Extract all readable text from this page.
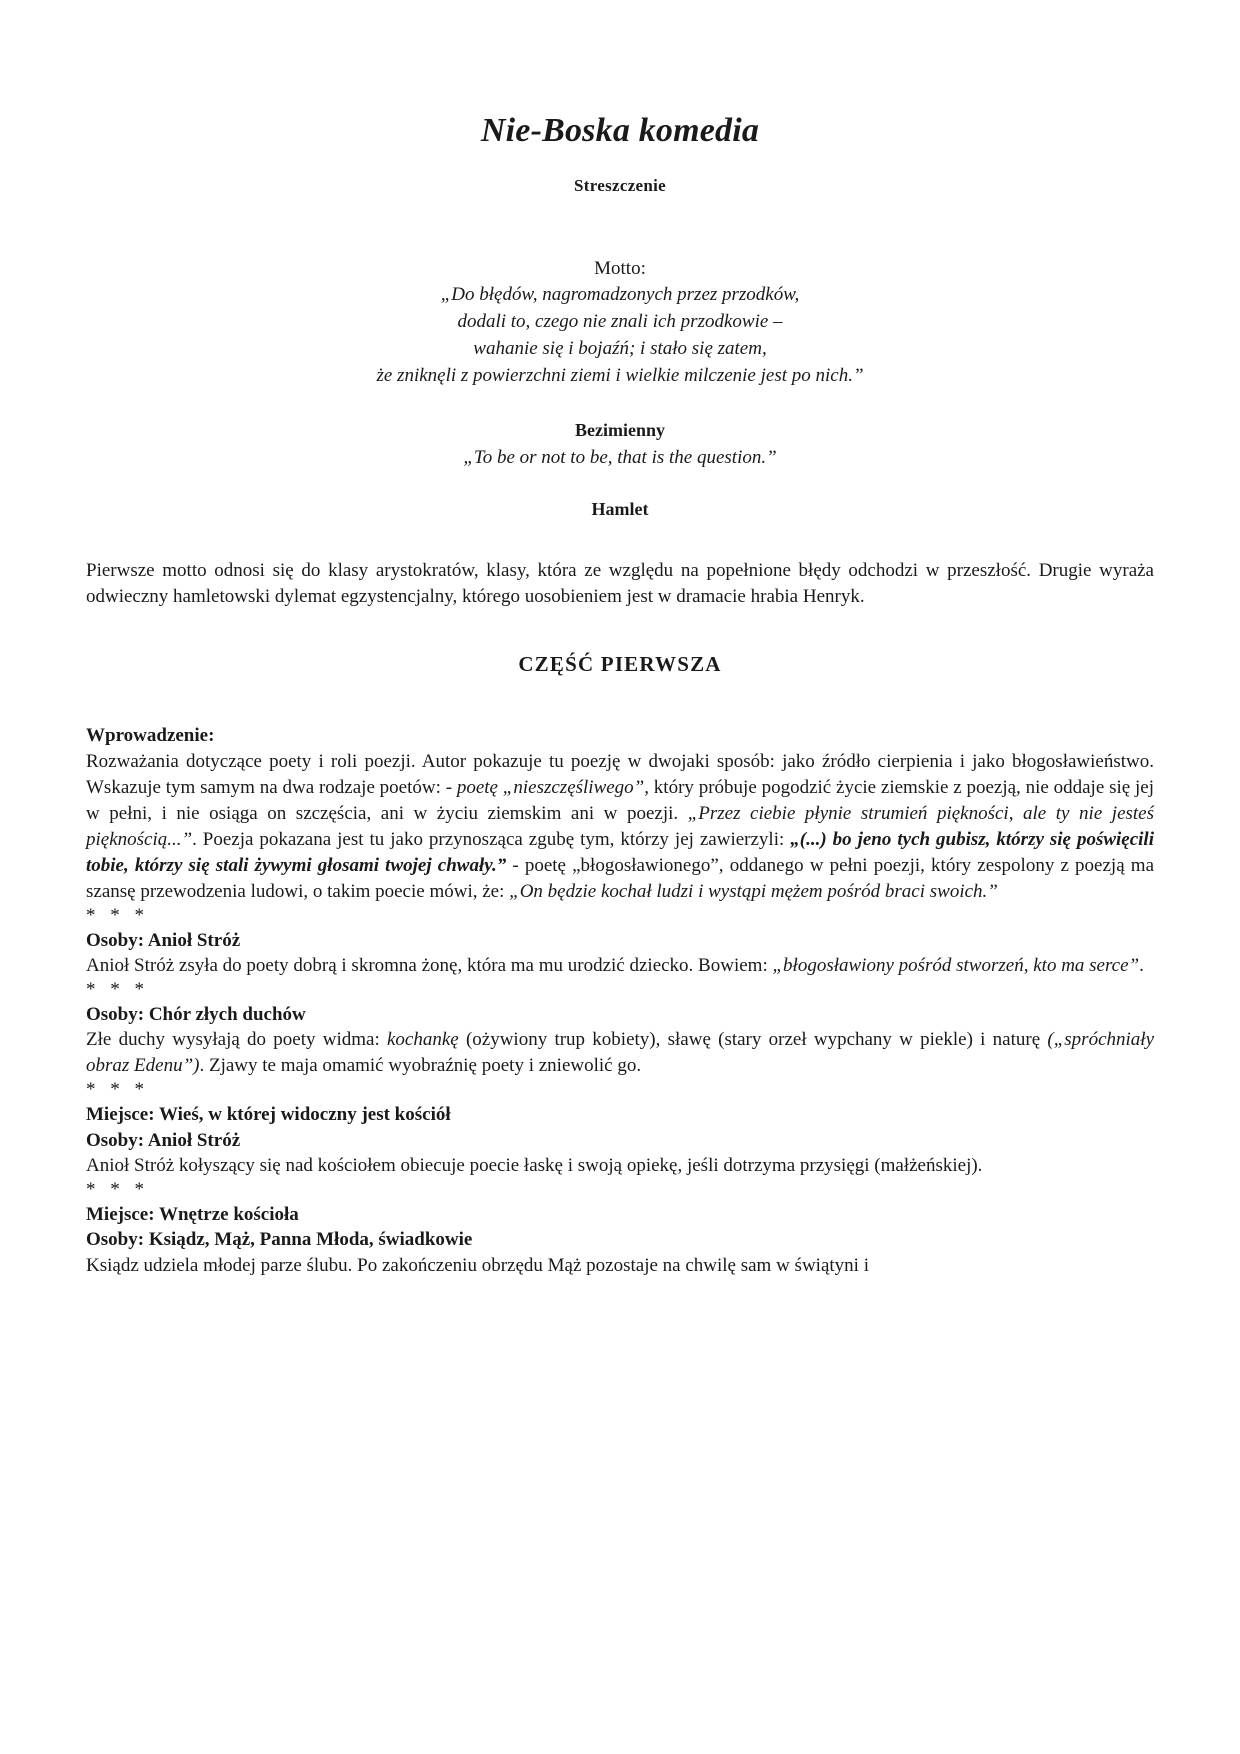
Nie-Boska komedia
Streszczenie
Motto:
„Do błędów, nagromadzonych przez przodków,
dodali to, czego nie znali ich przodkowie –
wahanie się i bojaźń; i stało się zatem,
że zniknęli z powierzchni ziemi i wielkie milczenie jest po nich.”
Bezimienny
„To be or not to be, that is the question.”
Hamlet

Pierwsze motto odnosi się do klasy arystokratów, klasy, która ze względu na popełnione błędy odchodzi w przeszłość. Drugie wyraża odwieczny hamletowski dylemat egzystencjalny, którego uosobieniem jest w dramacie hrabia Henryk.

CZĘŚĆ PIERWSZA
Wprowadzenie:
Rozważania dotyczące poety i roli poezji. Autor pokazuje tu poezję w dwojaki sposób: jako źródło cierpienia i jako błogosławieństwo. Wskazuje tym samym na dwa rodzaje poetów: - poetę „nieszczęśliwego”, który próbuje pogodzić życie ziemskie z poezją, nie oddaje się jej w pełni, i nie osiąga on szczęścia, ani w życiu ziemskim ani w poezji. „Przez ciebie płynie strumień piękności, ale ty nie jesteś pięknością...”. Poezja pokazana jest tu jako przynosząca zgubę tym, którzy jej zawierzyli: „(...) bo jeno tych gubisz, którzy się poświęcili tobie, którzy się stali żywymi głosami twojej chwały.” - poetę „błogosławionego”, oddanego w pełni poezji, który zespolony z poezją ma szansę przewodzenia ludowi, o takim poecie mówi, że: „On będzie kochał ludzi i wystąpi mężem pośród braci swoich.”
* * *
Osoby: Anioł Stróż
Anioł Stróż zsyła do poety dobrą i skromna żonę, która ma mu urodzić dziecko. Bowiem: „błogosławiony pośród stworzeń, kto ma serce”.
* * *
Osoby: Chór złych duchów
Złe duchy wysyłają do poety widma: kochankę (ożywiony trup kobiety), sławę (stary orzeł wypchany w piekle) i naturę („spróchniały obraz Edenu”). Zjawy te maja omamić wyobraźnię poety i zniewolić go.
* * *
Miejsce: Wieś, w której widoczny jest kościół
Osoby: Anioł Stróż
Anioł Stróż kołyszący się nad kościołem obiecuje poecie łaskę i swoją opiekę, jeśli dotrzyma przysięgi (małżeńskiej).
* * *
Miejsce: Wnętrze kościoła
Osoby: Ksiądz, Mąż, Panna Młoda, świadkowie
Ksiądz udziela młodej parze ślubu. Po zakończeniu obrzędu Mąż pozostaje na chwilę sam w świątyni i
